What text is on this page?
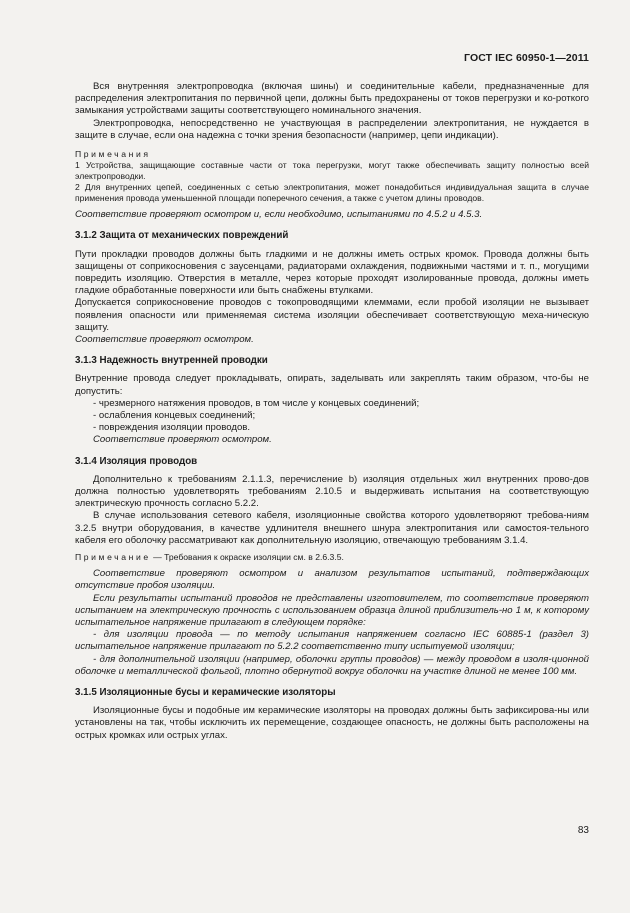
ГОСТ IEC 60950-1—2011

Вся внутренняя электропроводка (включая шины) и соединительные кабели, предназначенные для распределения электропитания по первичной цепи, должны быть предохранены от токов перегрузки и ко-роткого замыкания устройствами защиты соответствующего номинального значения.

Электропроводка, непосредственно не участвующая в распределении электропитания, не нуждается в защите в случае, если она надежна с точки зрения безопасности (например, цепи индикации).

Примечания

1 Устройства, защищающие составные части от тока перегрузки, могут также обеспечивать защиту полностью всей электропроводки.

2 Для внутренних цепей, соединенных с сетью электропитания, может понадобиться индивидуальная защита в случае применения провода уменьшенной площади поперечного сечения, а также с учетом длины проводов.

Соответствие проверяют осмотром и, если необходимо, испытаниями по 4.5.2 и 4.5.3.

3.1.2 Защита от механических повреждений

Пути прокладки проводов должны быть гладкими и не должны иметь острых кромок. Провода должны быть защищены от соприкосновения с заусенцами, радиаторами охлаждения, подвижными частями и т. п., могущими повредить изоляцию. Отверстия в металле, через которые проходят изолированные провода, должны иметь гладкие обработанные поверхности или быть снабжены втулками.

Допускается соприкосновение проводов с токопроводящими клеммами, если пробой изоляции не вызывает появления опасности или применяемая система изоляции обеспечивает соответствующую меха-ническую защиту.

Соответствие проверяют осмотром.

3.1.3 Надежность внутренней проводки

Внутренние провода следует прокладывать, опирать, заделывать или закреплять таким образом, что-бы не допустить:

- чрезмерного натяжения проводов, в том числе у концевых соединений;

- ослабления концевых соединений;

- повреждения изоляции проводов.

Соответствие проверяют осмотром.

3.1.4 Изоляция проводов

Дополнительно к требованиям 2.1.1.3, перечисление b) изоляция отдельных жил внутренних прово-дов должна полностью удовлетворять требованиям 2.10.5 и выдерживать испытания на соответствующую электрическую прочность согласно 5.2.2.

В случае использования сетевого кабеля, изоляционные свойства которого удовлетворяют требова-ниям 3.2.5 внутри оборудования, в качестве удлинителя внешнего шнура электропитания или самостоя-тельного кабеля его оболочку рассматривают как дополнительную изоляцию, отвечающую требованиям 3.1.4.

Примечание — Требования к окраске изоляции см. в 2.6.3.5.

Соответствие проверяют осмотром и анализом результатов испытаний, подтверждающих отсутствие пробоя изоляции.

Если результаты испытаний проводов не представлены изготовителем, то соответствие проверяют испытанием на электрическую прочность с использованием образца длиной приблизитель-но 1 м, к которому испытательное напряжение прилагают в следующем порядке:

- для изоляции провода — по методу испытания напряжением согласно IEC 60885-1 (раздел 3) испытательное напряжение прилагают по 5.2.2 соответственно типу испытуемой изоляции;

- для дополнительной изоляции (например, оболочки группы проводов) — между проводом в изоля-ционной оболочке и металлической фольгой, плотно обернутой вокруг оболочки на участке длиной не менее 100 мм.

3.1.5 Изоляционные бусы и керамические изоляторы

Изоляционные бусы и подобные им керамические изоляторы на проводах должны быть зафиксирова-ны или установлены на так, чтобы исключить их перемещение, создающее опасность, не должны быть расположены на острых кромках или острых углах.

83
